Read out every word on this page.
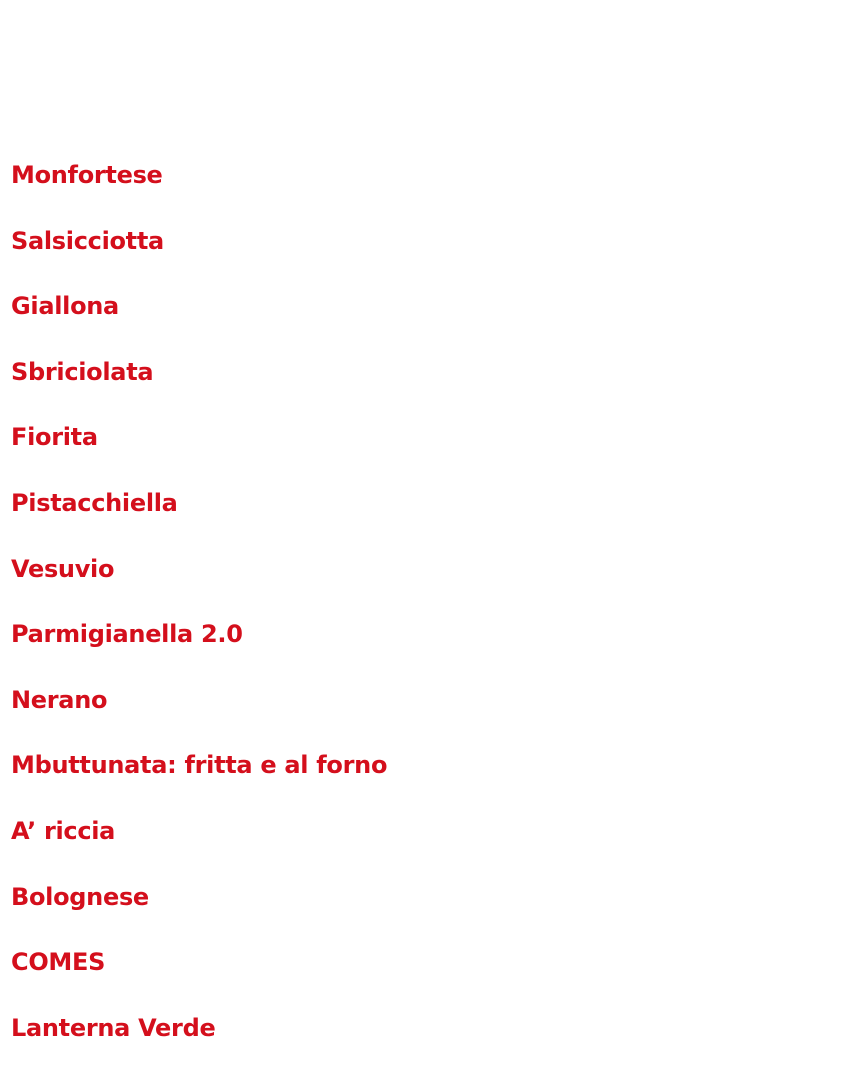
Monfortese
Salsicciotta
Giallona
Sbriciolata
Fiorita
Pistacchiella
Vesuvio
Parmigianella 2.0
Nerano
Mbuttunata: fritta e al forno
A’ riccia
Bolognese
COMES
Lanterna Verde
